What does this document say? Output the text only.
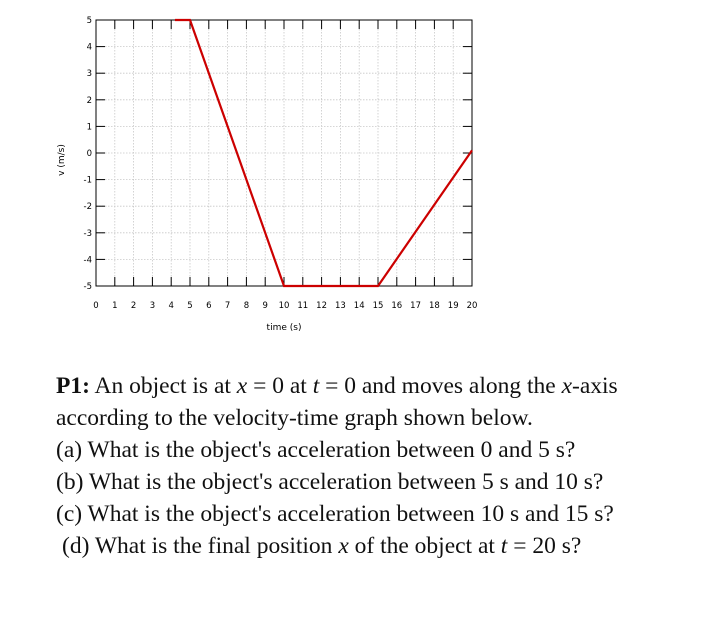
0 1 2 3 4 5 6 7 8 9 10 11 12 13 14 15 16 17 18 19 20
5
4
3
2
1
0
-1
-2
-3
-4
-5
time (s)
v (m/s)

P1: An object is at x = 0 at t = 0 and moves along the x-axis according to the velocity-time graph shown below.

(a) What is the object's acceleration between 0 and 5 s?

(b) What is the object's acceleration between 5 s and 10 s?

(c) What is the object's acceleration between 10 s and 15 s?

(d) What is the final position x of the object at t = 20 s?
